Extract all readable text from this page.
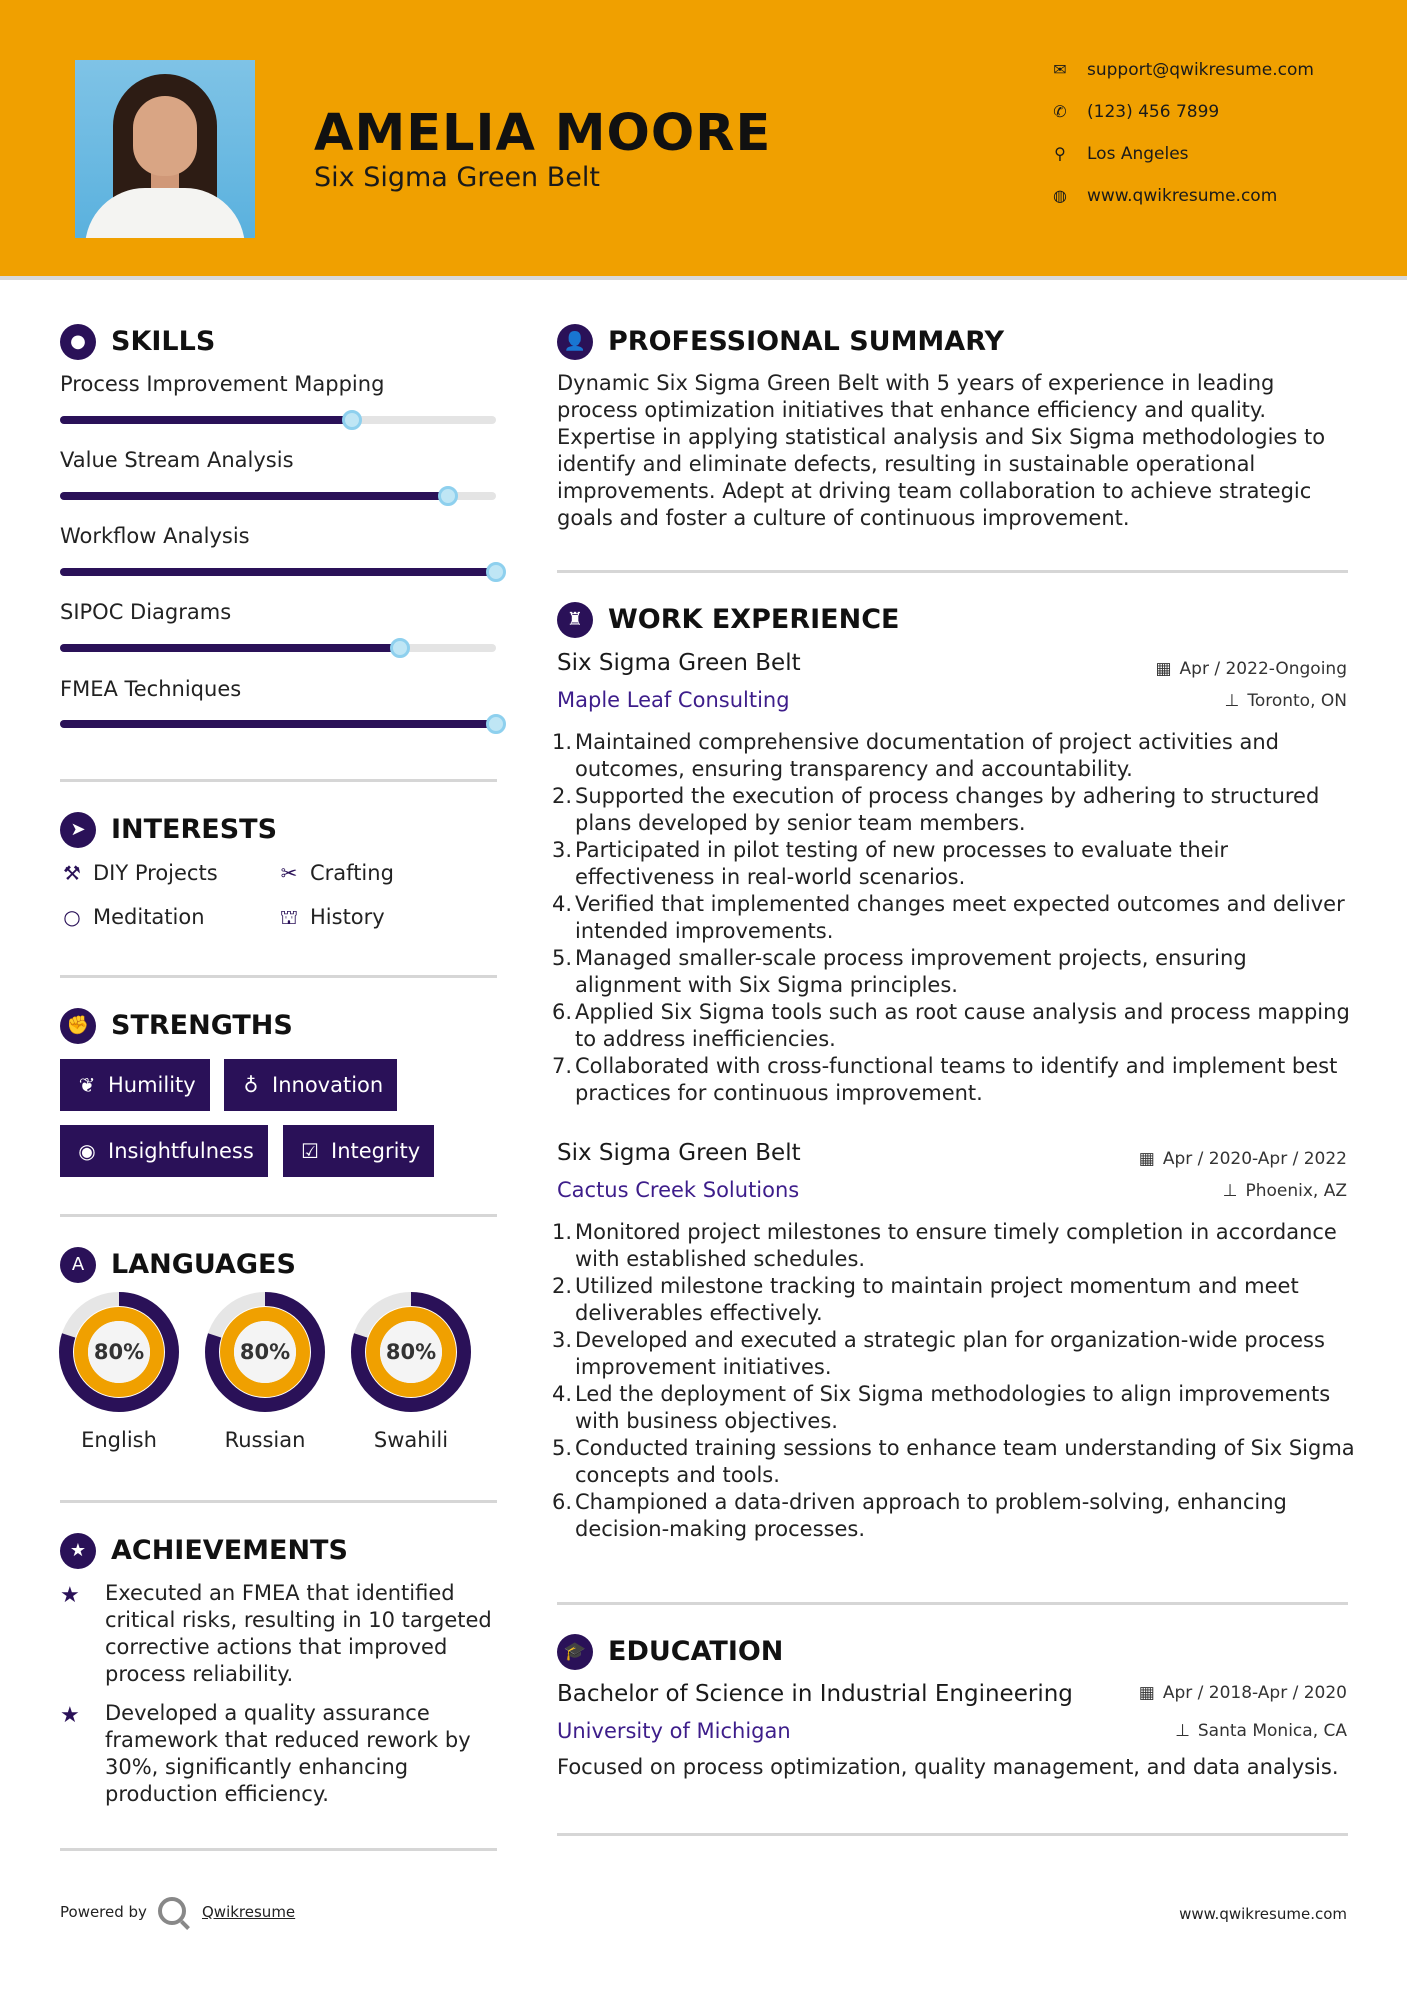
AMELIA MOORE
Six Sigma Green Belt
✉ support@qwikresume.com
✆ (123) 456 7899
⚲ Los Angeles
◍ www.qwikresume.com
● SKILLS
Process Improvement Mapping
Value Stream Analysis
Workflow Analysis
SIPOC Diagrams
FMEA Techniques
➤ INTERESTS
⚒ DIY Projects	✂ Crafting
○ Meditation	⛫ History
✊ STRENGTHS
❦ Humility	♁ Innovation
◉ Insightfulness	☑ Integrity
A LANGUAGES
80%
English
80%
Russian
80%
Swahili
★ ACHIEVEMENTS
★	Executed an FMEA that identified critical risks, resulting in 10 targeted corrective actions that improved process reliability.
★	Developed a quality assurance framework that reduced rework by 30%, significantly enhancing production efficiency.
👤 PROFESSIONAL SUMMARY
Dynamic Six Sigma Green Belt with 5 years of experience in leading process optimization initiatives that enhance efficiency and quality. Expertise in applying statistical analysis and Six Sigma methodologies to identify and eliminate defects, resulting in sustainable operational improvements. Adept at driving team collaboration to achieve strategic goals and foster a culture of continuous improvement.
♜ WORK EXPERIENCE
Six Sigma Green Belt	▦ Apr / 2022-Ongoing
Maple Leaf Consulting	⊥ Toronto, ON
1. Maintained comprehensive documentation of project activities and outcomes, ensuring transparency and accountability.
2. Supported the execution of process changes by adhering to structured plans developed by senior team members.
3. Participated in pilot testing of new processes to evaluate their effectiveness in real-world scenarios.
4. Verified that implemented changes meet expected outcomes and deliver intended improvements.
5. Managed smaller-scale process improvement projects, ensuring alignment with Six Sigma principles.
6. Applied Six Sigma tools such as root cause analysis and process mapping to address inefficiencies.
7. Collaborated with cross-functional teams to identify and implement best practices for continuous improvement.
Six Sigma Green Belt	▦ Apr / 2020-Apr / 2022
Cactus Creek Solutions	⊥ Phoenix, AZ
1. Monitored project milestones to ensure timely completion in accordance with established schedules.
2. Utilized milestone tracking to maintain project momentum and meet deliverables effectively.
3. Developed and executed a strategic plan for organization-wide process improvement initiatives.
4. Led the deployment of Six Sigma methodologies to align improvements with business objectives.
5. Conducted training sessions to enhance team understanding of Six Sigma concepts and tools.
6. Championed a data-driven approach to problem-solving, enhancing decision-making processes.
🎓 EDUCATION
Bachelor of Science in Industrial Engineering	▦ Apr / 2018-Apr / 2020
University of Michigan	⊥ Santa Monica, CA
Focused on process optimization, quality management, and data analysis.
Powered by	Qwikresume	www.qwikresume.com
